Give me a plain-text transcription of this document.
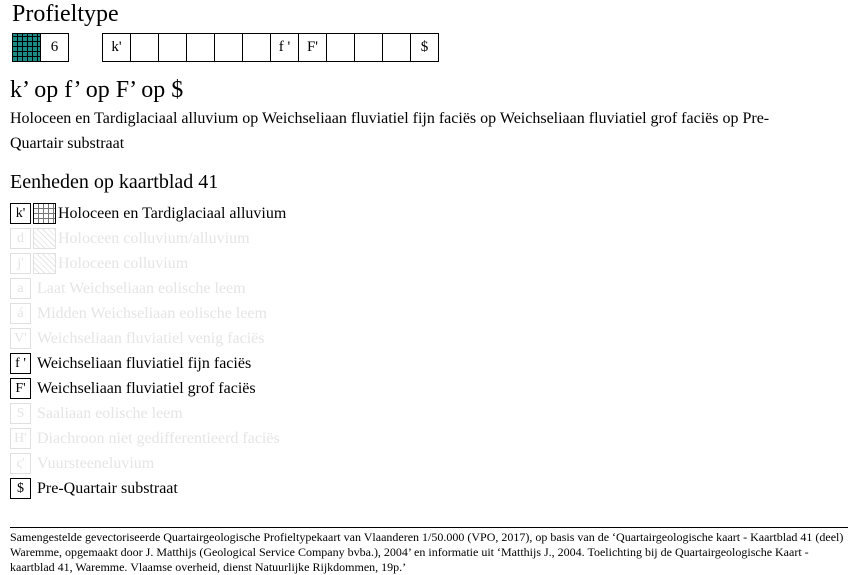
Profieltype
6	k'	f '	F'	$
k’ op f’ op F’ op $
Holoceen en Tardiglaciaal alluvium op Weichseliaan fluviatiel fijn faciës op Weichseliaan fluviatiel grof faciës op Pre-Quartair substraat
Eenheden op kaartblad 41
k'	Holoceen en Tardiglaciaal alluvium
d	Holoceen colluvium/alluvium
j'	Holoceen colluvium
a Laat Weichseliaan eolische leem
á Midden Weichseliaan eolische leem
V' Weichseliaan fluviatiel venig faciës
f ' Weichseliaan fluviatiel fijn faciës
F' Weichseliaan fluviatiel grof faciës
S Saaliaan eolische leem
H' Diachroon niet gedifferentieerd faciës
ς' Vuursteeneluvium
$ Pre-Quartair substraat
Samengestelde gevectoriseerde Quartairgeologische Profieltypekaart van Vlaanderen 1/50.000 (VPO, 2017), op basis van de ‘Quartairgeologische kaart - Kaartblad 41 (deel) Waremme, opgemaakt door J. Matthijs (Geological Service Company bvba.), 2004’ en informatie uit ‘Matthijs J., 2004. Toelichting bij de Quartairgeologische Kaart - kaartblad 41, Waremme. Vlaamse overheid, dienst Natuurlijke Rijkdommen, 19p.’
